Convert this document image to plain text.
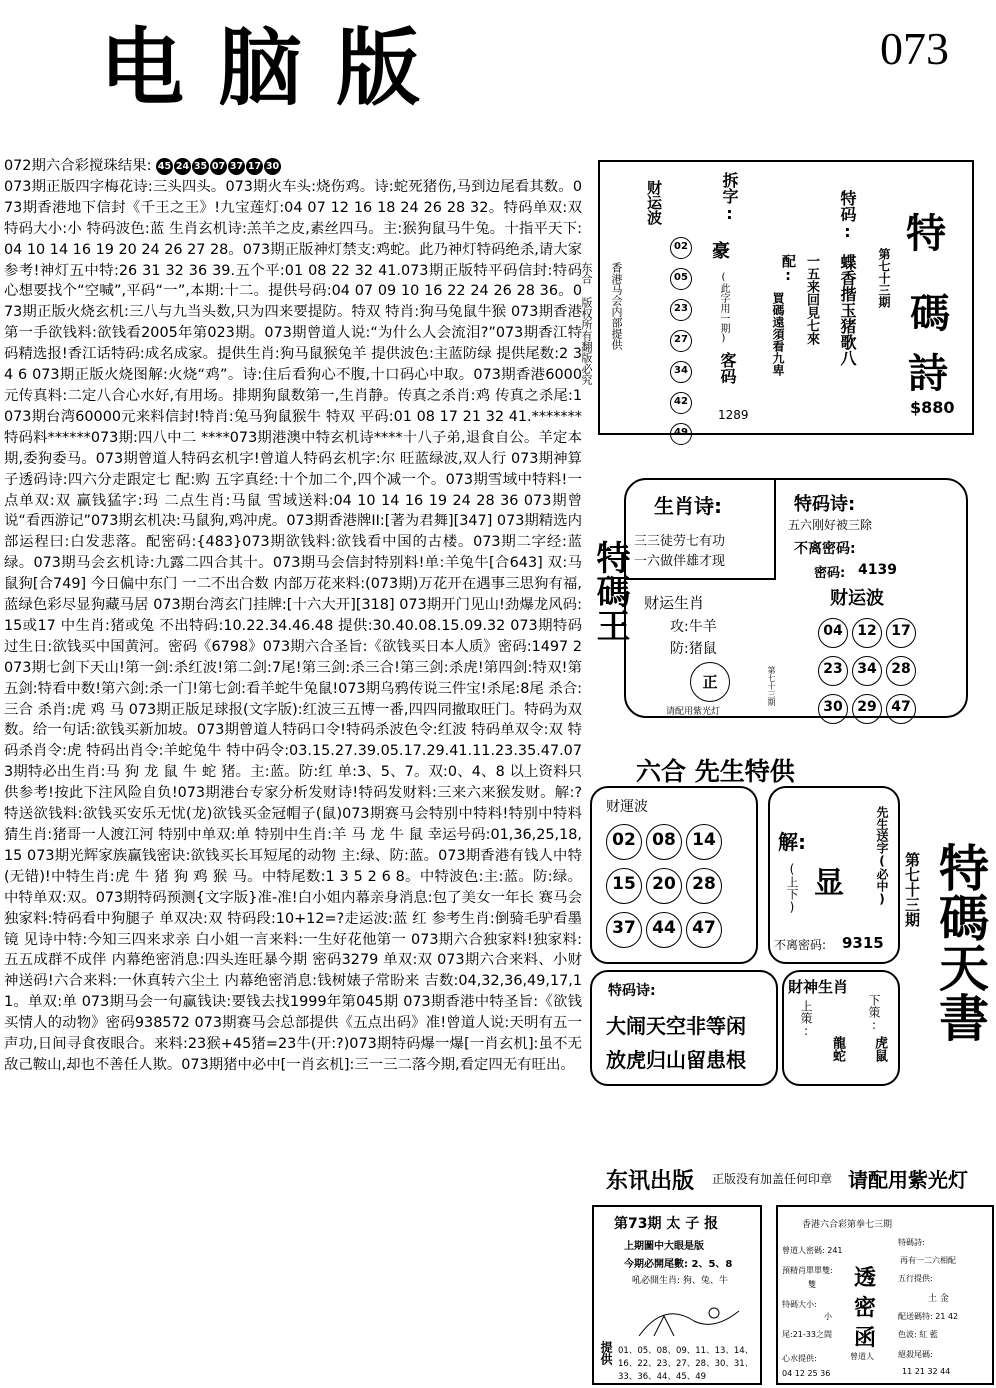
电脑版	073
072期六合彩搅珠结果: 45 24 35 07 37 17 30
073期正版四字梅花诗:三头四头。073期火车头:烧伤鸡。诗:蛇死猪伤,马到边尾看其数。073期香港地下信封《千王之王》!九宝莲灯:04 07 12 16 18 24 26 28 32。特码单双:双 特码大小:小 特码波色:蓝 生肖玄机诗:羔羊之皮,素丝四马。主:猴狗鼠马牛兔。十指平天下:04 10 14 16 19 20 24 26 27 28。073期正版神灯禁支:鸡蛇。此乃神灯特码绝杀,请大家参考!神灯五中特:26 31 32 36 39.五个平:01 08 22 32 41.073期正版特平码信封:特码心想要找个“空喊”,平码“一”,本期:十二。提供号码:04 07 09 10 16 22 24 26 28 36。073期正版火烧玄机:三八与九当头数,只为四来要提防。特双 特肖:狗马兔鼠牛猴 073期香港第一手欲钱料:欲钱看2005年第023期。073期曾道人说:“为什么人会流泪?”073期香江特码精选报!香江话特码:成名成家。提供生肖:狗马鼠猴兔羊 提供波色:主蓝防绿 提供尾数:2 3 4 6 073期正版火烧图解:火烧“鸡”。诗:住后看狗心不腹,十口码心中取。073期香港6000元传真料:二定八合心水好,有用场。排期狗鼠数第一,生肖静。传真之杀肖:鸡 传真之杀尾:1 073期台湾60000元来料信封!特肖:兔马狗鼠猴牛 特双 平码:01 08 17 21 32 41.*******特码料******073期:四八中二 ****073期港澳中特玄机诗****十八子弟,退食自公。羊定本期,委狗委马。073期曾道人特码玄机字!曾道人特码玄机字:尔 旺蓝绿波,双人行 073期神算子透码诗:四六分走跟定七 配:购 五字真经:十个加二个,四个减一个。073期雪域中特料!一点单双:双 赢钱猛字:玛 二点生肖:马鼠 雪域送料:04 10 14 16 19 24 28 36 073期曾说“看西游记”073期玄机决:马鼠狗,鸡冲虎。073期香港牌II:[著为君舞][347] 073期精选内部运程曰:白发悲落。配密码:{483}073期欲钱料:欲钱看中国的古楼。073期二字经:蓝绿。073期马会玄机诗:九露二四合其十。073期马会信封特别料!单:羊兔牛[合643] 双:马鼠狗[合749] 今日偏中东门 一二不出合数 内部万花来料:(073期)万花开在遇事三思狗有福,蓝绿色彩尽显狗藏马居 073期台湾玄门挂牌:[十六大开][318] 073期开门见山!劲爆龙风码:15或17 中生肖:猪或兔 不出特码:10.22.34.46.48 提供:30.40.08.15.09.32 073期特码过生日:欲钱买中国黄河。密码《6798》073期六合圣旨:《欲钱买日本人质》密码:1497 2 073期七剑下天山!第一剑:杀红波!第二剑:7尾!第三剑:杀三合!第三剑:杀虎!第四剑:特双!第五剑:特看中数!第六剑:杀一门!第七剑:看羊蛇牛兔鼠!073期乌鸦传说三件宝!杀尾:8尾 杀合:三合 杀肖:虎 鸡 马 073期正版足球报(文字版):红波三五博一番,四四同撤取旺门。特码为双数。给一句话:欲钱买新加坡。073期曾道人特码口令!特码杀波色令:红波 特码单双令:双 特码杀肖令:虎 特码出肖令:羊蛇兔牛 特中码令:03.15.27.39.05.17.29.41.11.23.35.47.073期特必出生肖:马 狗 龙 鼠 牛 蛇 猪。主:蓝。防:红 单:3、5、7。双:0、4、8 以上资料只供参考!按此下注风险自负!073期港台专家分析发财诗!特码发财料:三来六来猴发财。解:?特送欲钱料:欲钱买安乐无忧(龙)欲钱买金冠帽子(鼠)073期赛马会特别中特料!特别中特料猜生肖:猪哥一人渡江河 特别中单双:单 特别中生肖:羊 马 龙 牛 鼠 幸运号码:01,36,25,18,15 073期光辉家族赢钱密诀:欲钱买长耳短尾的动物 主:绿、防:蓝。073期香港有钱人中特(无错)!中特生肖:虎 牛 猪 狗 鸡 猴 马。中特尾数:1 3 5 2 6 8。中特波色:主:蓝。防:绿。中特单双:双。073期特码预测{文字版}准-准!白小姐内幕亲身消息:包了美女一年长 赛马会独家料:特码看中狗腿子 单双决:双 特码段:10+12=?走运波:蓝 红 参考生肖:倒骑毛驴看墨镜 见诗中特:今知三四来求亲 白小姐一言来料:一生好花他第一 073期六合独家料!独家料:五五成群不成伴 内幕绝密消息:四头连旺暴今期 密码3279 单双:双 073期六合来料、小财神送码!六合来料:一休真转六尘土 内幕绝密消息:钱树婊子常盼来 吉数:04,32,36,49,17,11。单双:单 073期马会一句赢钱诀:要钱去找1999年第045期 073期香港中特圣旨:《欲钱买情人的动物》密码938572 073期赛马会总部提供《五点出码》准!曾道人说:天明有五一声功,日间寻食夜眼合。来料:23猴+45猪=23牛(开:?)073期特码爆一爆[一肖玄机]:虽不无敌己鞍山,却也不善任人欺。073期猪中必中[一肖玄机]:三一三二落今期,看定四无有旺出。
香港马会内部提供
东合 版权所有翻版必究
财运波
02
05
23
27
34
42
49

拆字:
豪
(此字用一期)
客码
1289
特码:
蝶香揩玉猪歌八
配: 一五来回見七來
買碼遠須看九卑
特
碼
詩
第七十三期
$880
特碼王
生肖诗:
三三徒劳七有功
一六做伴雄才现
特码诗:
五六刚好被三除
不离密码:
密码: 4139
财运生肖
攻:牛羊
防:猪鼠
正	第七十三期
请配用紫光灯
财运波
04 12 17
23 34 28
30 29 47

六合 先生特供
财運波
02 08 14
15 20 28
37 44 47

解:
(上下) 显	先生送字(必中)
不离密码: 9315
特码诗:
大闹天空非等闲
放虎归山留患根
財神生肖
上策:	下策:
龍蛇 虎鼠
特碼天書
第七十三期
东讯出版 正版没有加盖任何印章 请配用紫光灯
第73期 太 子 报
上期圖中大眼是版
今期必開尾數: 2、5、8
吼必開生肖: 狗、兔、牛
提供 01、05、08、09、11、13、14、16、22、23、27、28、30、31、33、36、44、45、49
香港六合彩第拳七三期
曾道人密碼: 241
預精肖單單雙:
雙
特碼大小:
小
尾:21-33之間
心水提供:
04 12 25 36
透
密
函
曾道人
特碼詩:
再有一二六相配
五行提供:
土 金
配送碼特: 21 42
色波: 紅 藍
絕殺尾碼:
11 21 32 44
